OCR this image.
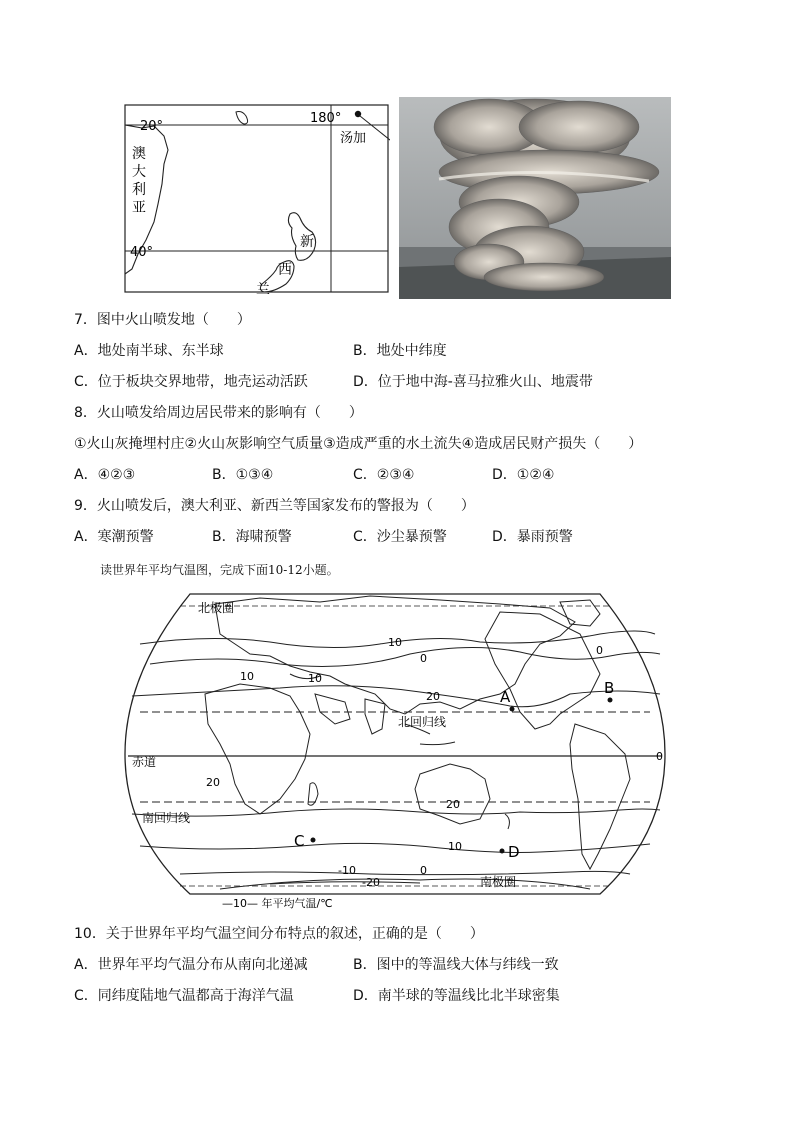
20°
180°
汤加
澳
大
利
亚
40°
新
西
兰
7．图中火山喷发地（　　）
A．地处南半球、东半球	B．地处中纬度
C．位于板块交界地带，地壳运动活跃	D．位于地中海-喜马拉雅火山、地震带
8．火山喷发给周边居民带来的影响有（　　）
①火山灰掩埋村庄②火山灰影响空气质量③造成严重的水土流失④造成居民财产损失（　　）
A．④②③	B．①③④	C．②③④	D．①②④
9．火山喷发后，澳大利亚、新西兰等国家发布的警报为（　　）
A．寒潮预警	B．海啸预警	C．沙尘暴预警	D．暴雨预警
读世界年平均气温图，完成下面10-12小题。
北极圈
北回归线
赤道
南回归线
南极圈
A	B
C
D
10
0
10	10
20
20
0
20
10
-10
-20
0
0
—10— 年平均气温/℃
10．关于世界年平均气温空间分布特点的叙述，正确的是（　　）
A．世界年平均气温分布从南向北递减	B．图中的等温线大体与纬线一致
C．同纬度陆地气温都高于海洋气温	D．南半球的等温线比北半球密集
